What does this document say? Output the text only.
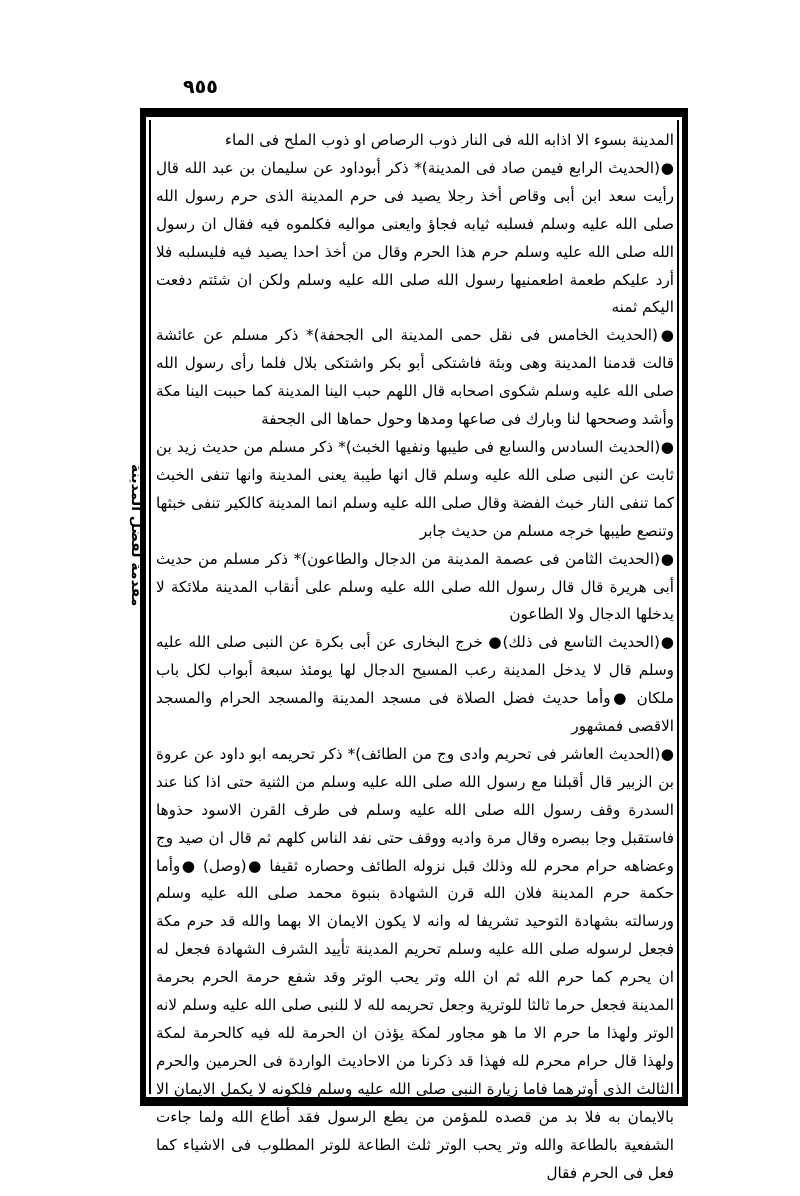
٩٥٥
مقدمة لفضل المدينة

المدينة بسوء الا اذابه الله فى النار ذوب الرصاص او ذوب الملح فى الماء

●(الحديث الرابع فيمن صاد فى المدينة)* ذكر أبوداود عن سليمان بن عبد الله قال رأيت سعد ابن أبى وقاص أخذ رجلا يصيد فى حرم المدينة الذى حرم رسول الله صلى الله عليه وسلم فسلبه ثيابه فجاؤ وايعنى مواليه فكلموه فيه فقال ان رسول الله صلى الله عليه وسلم حرم هذا الحرم وقال من أخذ احدا يصيد فيه فليسلبه فلا أرد عليكم طعمة اطعمنيها رسول الله صلى الله عليه وسلم ولكن ان شئتم دفعت اليكم ثمنه

●(الحديث الخامس فى نقل حمى المدينة الى الجحفة)* ذكر مسلم عن عائشة قالت قدمنا المدينة وهى وبئة فاشتكى أبو بكر واشتكى بلال فلما رأى رسول الله صلى الله عليه وسلم شكوى اصحابه قال اللهم حبب الينا المدينة كما حببت الينا مكة وأشد وصححها لنا وبارك فى صاعها ومدها وحول حماها الى الجحفة

●(الحديث السادس والسابع فى طيبها ونفيها الخبث)* ذكر مسلم من حديث زيد بن ثابت عن النبى صلى الله عليه وسلم قال انها طيبة يعنى المدينة وانها تنفى الخبث كما تنفى النار خبث الفضة وقال صلى الله عليه وسلم انما المدينة كالكير تنفى خبثها وتنصع طيبها خرجه مسلم من حديث جابر

●(الحديث الثامن فى عصمة المدينة من الدجال والطاعون)* ذكر مسلم من حديث أبى هريرة قال قال رسول الله صلى الله عليه وسلم على أنقاب المدينة ملائكة لا يدخلها الدجال ولا الطاعون

●(الحديث التاسع فى ذلك)● خرج البخارى عن أبى بكرة عن النبى صلى الله عليه وسلم قال لا يدخل المدينة رعب المسيح الدجال لها يومئذ سبعة أبواب لكل باب ملكان ●وأما حديث فضل الصلاة فى مسجد المدينة والمسجد الحرام والمسجد الاقصى فمشهور

●(الحديث العاشر فى تحريم وادى وج من الطائف)* ذكر تحريمه ابو داود عن عروة بن الزبير قال أقبلنا مع رسول الله صلى الله عليه وسلم من الثنية حتى اذا كنا عند السدرة وقف رسول الله صلى الله عليه وسلم فى طرف القرن الاسود حذوها فاستقبل وجا ببصره وقال مرة واديه ووقف حتى نفد الناس كلهم ثم قال ان صيد وج وعضاهه حرام محرم لله وذلك قبل نزوله الطائف وحصاره ثقيفا ●(وصل) ●وأما حكمة حرم المدينة فلان الله قرن الشهادة بنبوة محمد صلى الله عليه وسلم ورسالته بشهادة التوحيد تشريفا له وانه لا يكون الايمان الا بهما والله قد حرم مكة فجعل لرسوله صلى الله عليه وسلم تحريم المدينة تأييد الشرف الشهادة فجعل له ان يحرم كما حرم الله ثم ان الله وتر يحب الوتر وقد شفع حرمة الحرم بحرمة المدينة فجعل حرما ثالثا للوترية وجعل تحريمه لله لا للنبى صلى الله عليه وسلم لانه الوتر ولهذا ما حرم الا ما هو مجاور لمكة يؤذن ان الحرمة لله فيه كالحرمة لمكة ولهذا قال حرام محرم لله فهذا قد ذكرنا من الاحاديث الواردة فى الحرمين والحرم الثالث الذى أوترهما فاما زيارة النبى صلى الله عليه وسلم فلكونه لا يكمل الايمان الا بالايمان به فلا بد من قصده للمؤمن من يطع الرسول فقد أطاع الله ولما جاءت الشفعية بالطاعة والله وتر يحب الوتر ثلث الطاعة للوتر المطلوب فى الاشياء كما فعل فى الحرم فقال
